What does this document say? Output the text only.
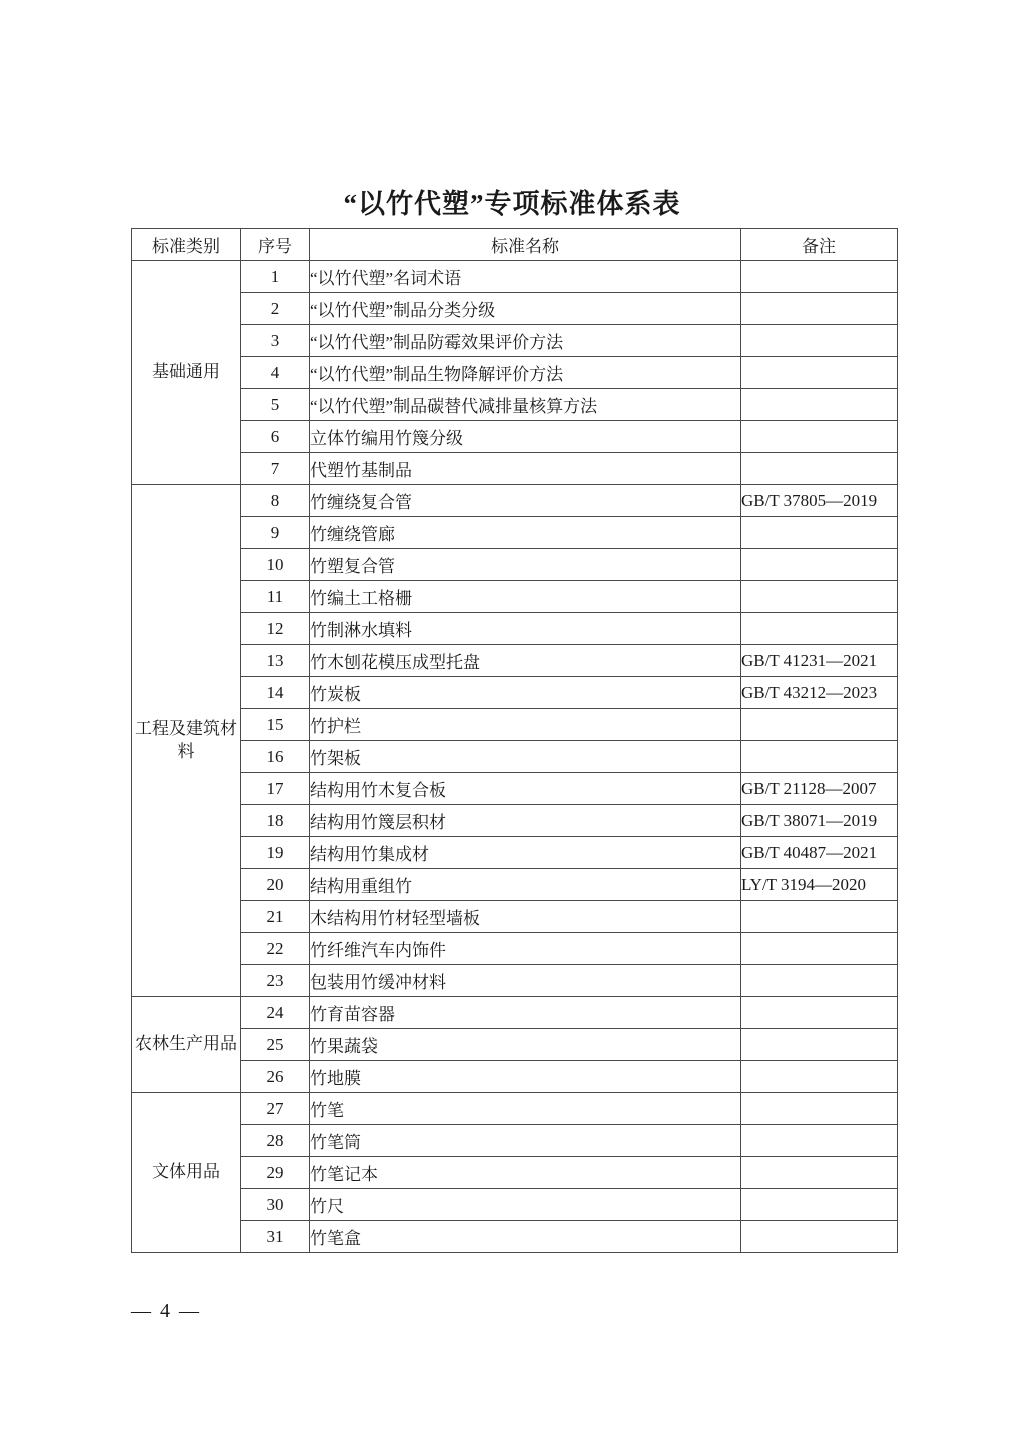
“以竹代塑”专项标准体系表
标准类别	序号	标准名称	备注
基础通用	1	“以竹代塑”名词术语	
	2	“以竹代塑”制品分类分级	
	3	“以竹代塑”制品防霉效果评价方法	
	4	“以竹代塑”制品生物降解评价方法	
	5	“以竹代塑”制品碳替代减排量核算方法	
	6	立体竹编用竹篾分级	
	7	代塑竹基制品	
工程及建筑材料	8	竹缠绕复合管	GB/T 37805—2019
	9	竹缠绕管廊	
	10	竹塑复合管	
	11	竹编土工格栅	
	12	竹制淋水填料	
	13	竹木刨花模压成型托盘	GB/T 41231—2021
	14	竹炭板	GB/T 43212—2023
	15	竹护栏	
	16	竹架板	
	17	结构用竹木复合板	GB/T 21128—2007
	18	结构用竹篾层积材	GB/T 38071—2019
	19	结构用竹集成材	GB/T 40487—2021
	20	结构用重组竹	LY/T 3194—2020
	21	木结构用竹材轻型墙板	
	22	竹纤维汽车内饰件	
	23	包装用竹缓冲材料	
农林生产用品	24	竹育苗容器	
	25	竹果蔬袋	
	26	竹地膜	
文体用品	27	竹笔	
	28	竹笔筒	
	29	竹笔记本	
	30	竹尺	
	31	竹笔盒	
— 4 —
